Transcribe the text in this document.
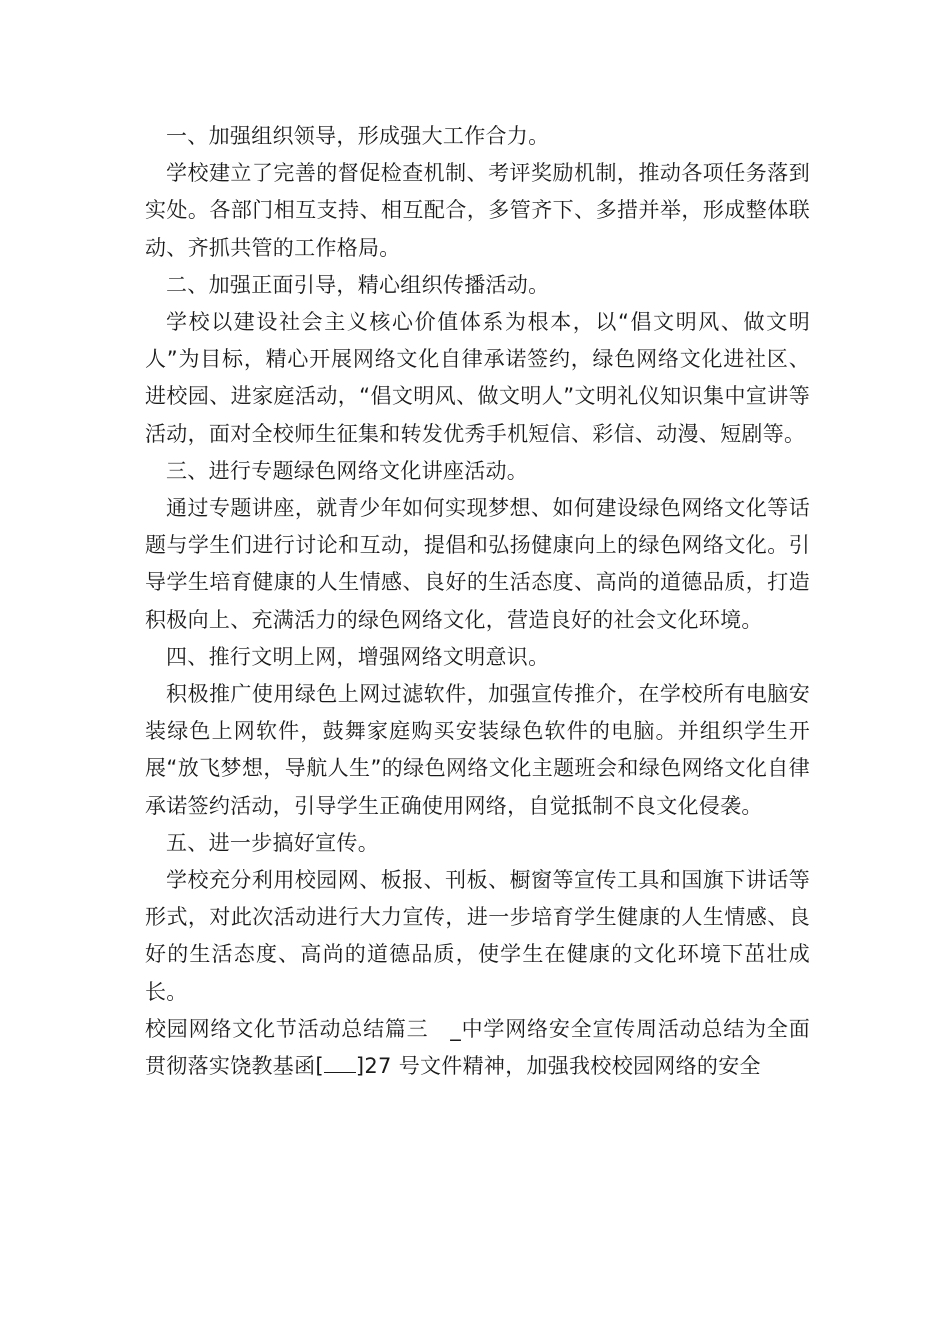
一、加强组织领导，形成强大工作合力。

学校建立了完善的督促检查机制、考评奖励机制，推动各项任务落到实处。各部门相互支持、相互配合，多管齐下、多措并举，形成整体联动、齐抓共管的工作格局。

二、加强正面引导，精心组织传播活动。

学校以建设社会主义核心价值体系为根本，以“倡文明风、做文明人”为目标，精心开展网络文化自律承诺签约，绿色网络文化进社区、进校园、进家庭活动，“倡文明风、做文明人”文明礼仪知识集中宣讲等活动，面对全校师生征集和转发优秀手机短信、彩信、动漫、短剧等。

三、进行专题绿色网络文化讲座活动。

通过专题讲座，就青少年如何实现梦想、如何建设绿色网络文化等话题与学生们进行讨论和互动，提倡和弘扬健康向上的绿色网络文化。引导学生培育健康的人生情感、良好的生活态度、高尚的道德品质，打造积极向上、充满活力的绿色网络文化，营造良好的社会文化环境。

四、推行文明上网，增强网络文明意识。

积极推广使用绿色上网过滤软件，加强宣传推介，在学校所有电脑安装绿色上网软件，鼓舞家庭购买安装绿色软件的电脑。并组织学生开展“放飞梦想，导航人生”的绿色网络文化主题班会和绿色网络文化自律承诺签约活动，引导学生正确使用网络，自觉抵制不良文化侵袭。

五、进一步搞好宣传。

学校充分利用校园网、板报、刊板、橱窗等宣传工具和国旗下讲话等形式，对此次活动进行大力宣传，进一步培育学生健康的人生情感、良好的生活态度、高尚的道德品质，使学生在健康的文化环境下茁壮成长。

校园网络文化节活动总结篇三　_中学网络安全宣传周活动总结为全面贯彻落实饶教基函[ ]27 号文件精神，加强我校校园网络的安全
